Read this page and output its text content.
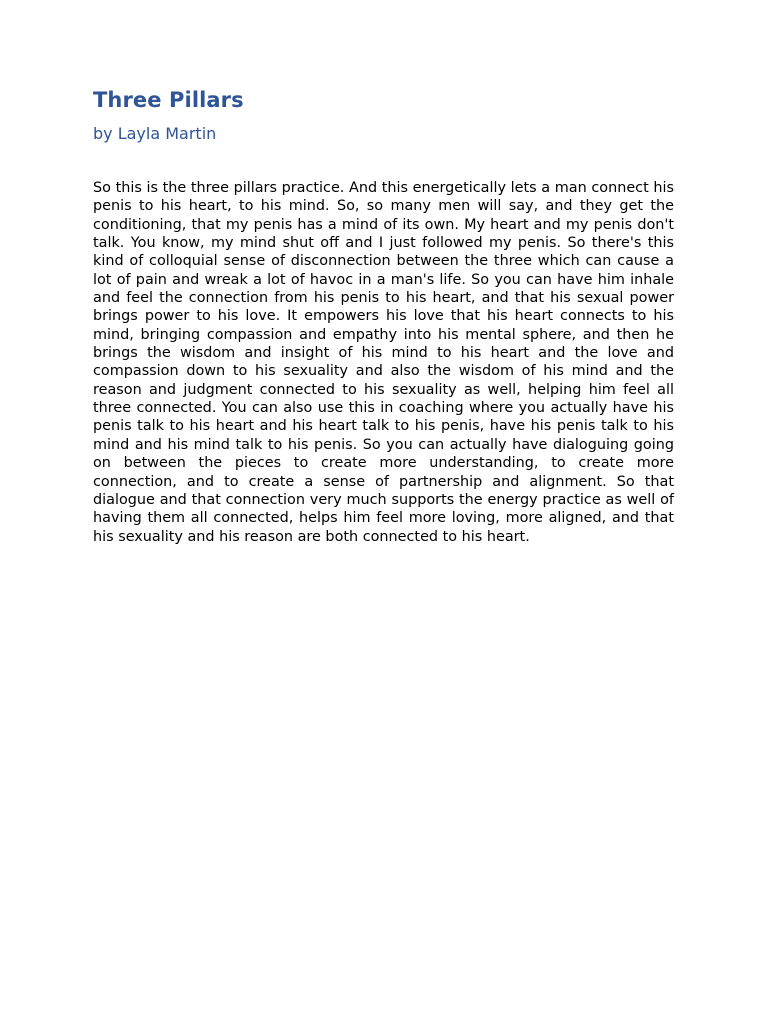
Three Pillars

by Layla Martin

So this is the three pillars practice. And this energetically lets a man connect his penis to his heart, to his mind. So, so many men will say, and they get the conditioning, that my penis has a mind of its own. My heart and my penis don't talk. You know, my mind shut off and I just followed my penis. So there's this kind of colloquial sense of disconnection between the three which can cause a lot of pain and wreak a lot of havoc in a man's life. So you can have him inhale and feel the connection from his penis to his heart, and that his sexual power brings power to his love. It empowers his love that his heart connects to his mind, bringing compassion and empathy into his mental sphere, and then he brings the wisdom and insight of his mind to his heart and the love and compassion down to his sexuality and also the wisdom of his mind and the reason and judgment connected to his sexuality as well, helping him feel all three connected. You can also use this in coaching where you actually have his penis talk to his heart and his heart talk to his penis, have his penis talk to his mind and his mind talk to his penis. So you can actually have dialoguing going on between the pieces to create more understanding, to create more connection, and to create a sense of partnership and alignment. So that dialogue and that connection very much supports the energy practice as well of having them all connected, helps him feel more loving, more aligned, and that his sexuality and his reason are both connected to his heart.
